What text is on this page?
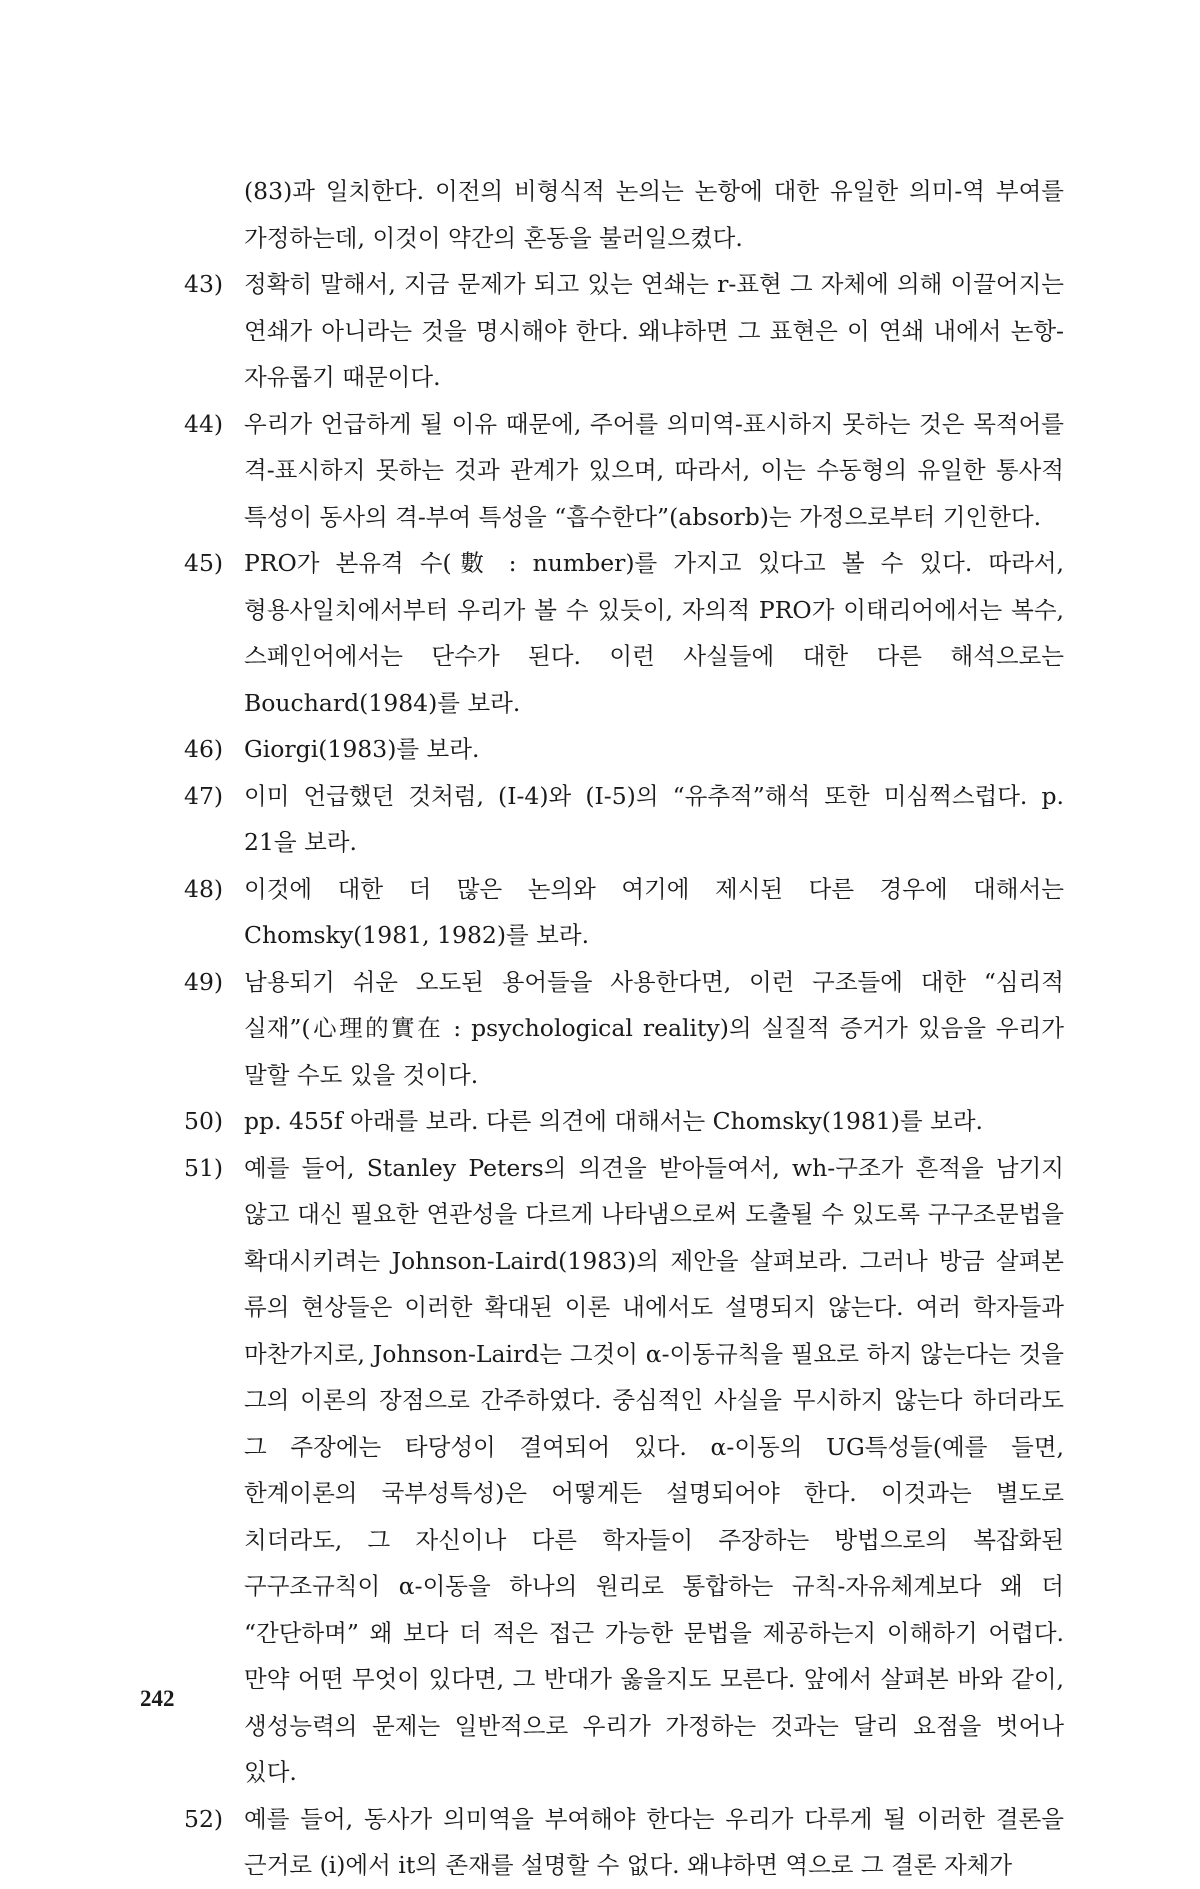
(83)과 일치한다. 이전의 비형식적 논의는 논항에 대한 유일한 의미-역 부여를 가정하는데, 이것이 약간의 혼동을 불러일으켰다.
43) 정확히 말해서, 지금 문제가 되고 있는 연쇄는 r-표현 그 자체에 의해 이끌어지는 연쇄가 아니라는 것을 명시해야 한다. 왜냐하면 그 표현은 이 연쇄 내에서 논항-자유롭기 때문이다.
44) 우리가 언급하게 될 이유 때문에, 주어를 의미역-표시하지 못하는 것은 목적어를 격-표시하지 못하는 것과 관계가 있으며, 따라서, 이는 수동형의 유일한 통사적 특성이 동사의 격-부여 특성을 “흡수한다”(absorb)는 가정으로부터 기인한다.
45) PRO가 본유격 수(數 : number)를 가지고 있다고 볼 수 있다. 따라서, 형용사일치에서부터 우리가 볼 수 있듯이, 자의적 PRO가 이태리어에서는 복수, 스페인어에서는 단수가 된다. 이런 사실들에 대한 다른 해석으로는 Bouchard(1984)를 보라.
46) Giorgi(1983)를 보라.
47) 이미 언급했던 것처럼, (I-4)와 (I-5)의 “유추적”해석 또한 미심쩍스럽다. p. 21을 보라.
48) 이것에 대한 더 많은 논의와 여기에 제시된 다른 경우에 대해서는 Chomsky(1981, 1982)를 보라.
49) 남용되기 쉬운 오도된 용어들을 사용한다면, 이런 구조들에 대한 “심리적 실재”(心理的實在 : psychological reality)의 실질적 증거가 있음을 우리가 말할 수도 있을 것이다.
50) pp. 455f 아래를 보라. 다른 의견에 대해서는 Chomsky(1981)를 보라.
51) 예를 들어, Stanley Peters의 의견을 받아들여서, wh-구조가 흔적을 남기지 않고 대신 필요한 연관성을 다르게 나타냄으로써 도출될 수 있도록 구구조문법을 확대시키려는 Johnson-Laird(1983)의 제안을 살펴보라. 그러나 방금 살펴본 류의 현상들은 이러한 확대된 이론 내에서도 설명되지 않는다. 여러 학자들과 마찬가지로, Johnson-Laird는 그것이 α-이동규칙을 필요로 하지 않는다는 것을 그의 이론의 장점으로 간주하였다. 중심적인 사실을 무시하지 않는다 하더라도 그 주장에는 타당성이 결여되어 있다. α-이동의 UG특성들(예를 들면, 한계이론의 국부성특성)은 어떻게든 설명되어야 한다. 이것과는 별도로 치더라도, 그 자신이나 다른 학자들이 주장하는 방법으로의 복잡화된 구구조규칙이 α-이동을 하나의 원리로 통합하는 규칙-자유체계보다 왜 더 “간단하며” 왜 보다 더 적은 접근 가능한 문법을 제공하는지 이해하기 어렵다. 만약 어떤 무엇이 있다면, 그 반대가 옳을지도 모른다. 앞에서 살펴본 바와 같이, 생성능력의 문제는 일반적으로 우리가 가정하는 것과는 달리 요점을 벗어나 있다.
52) 예를 들어, 동사가 의미역을 부여해야 한다는 우리가 다루게 될 이러한 결론을 근거로 (i)에서 it의 존재를 설명할 수 없다. 왜냐하면 역으로 그 결론 자체가
242
